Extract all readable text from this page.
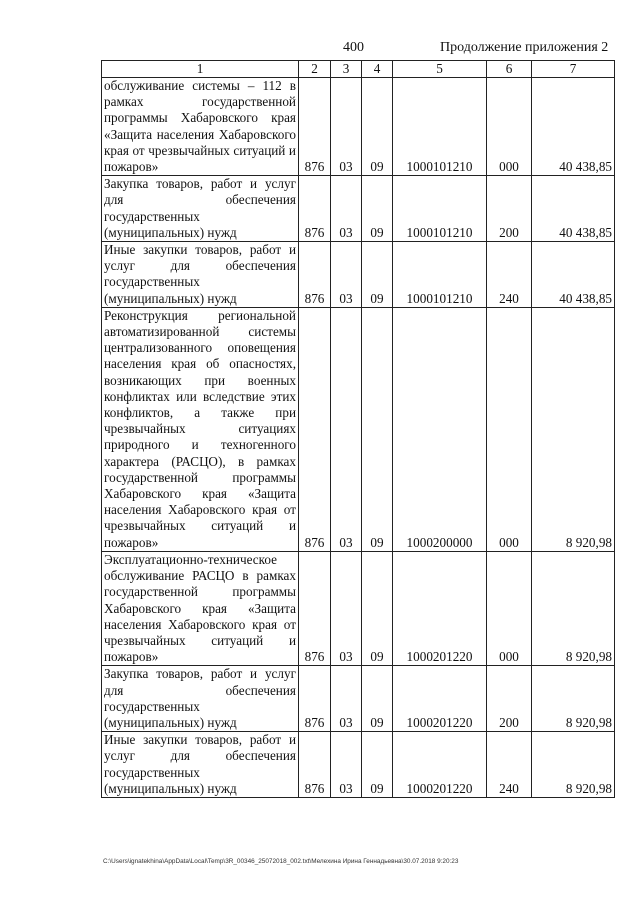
400	Продолжение приложения 2
1	2	3	4	5	6	7
обслуживание системы – 112 в рамках государственной программы Хабаровского края «Защита населения Хабаровского края от чрезвычайных ситуаций и пожаров»	876	03	09	1000101210	000	40 438,85
Закупка товаров, работ и услуг для обеспечения государственных (муниципальных) нужд	876	03	09	1000101210	200	40 438,85
Иные закупки товаров, работ и услуг для обеспечения государственных (муниципальных) нужд	876	03	09	1000101210	240	40 438,85
Реконструкция региональной автоматизированной системы централизованного оповещения населения края об опасностях, возникающих при военных конфликтах или вследствие этих конфликтов, а также при чрезвычайных ситуациях природного и техногенного характера (РАСЦО), в рамках государственной программы Хабаровского края «Защита населения Хабаровского края от чрезвычайных ситуаций и пожаров»	876	03	09	1000200000	000	8 920,98
Эксплуатационно-техническое обслуживание РАСЦО в рамках государственной программы Хабаровского края «Защита населения Хабаровского края от чрезвычайных ситуаций и пожаров»	876	03	09	1000201220	000	8 920,98
Закупка товаров, работ и услуг для обеспечения государственных (муниципальных) нужд	876	03	09	1000201220	200	8 920,98
Иные закупки товаров, работ и услуг для обеспечения государственных (муниципальных) нужд	876	03	09	1000201220	240	8 920,98
C:\Users\ignatekhina\AppData\Local\Temp\3R_00346_25072018_002.txt\Мелехина Ирина Геннадьевна\30.07.2018 9:20:23
